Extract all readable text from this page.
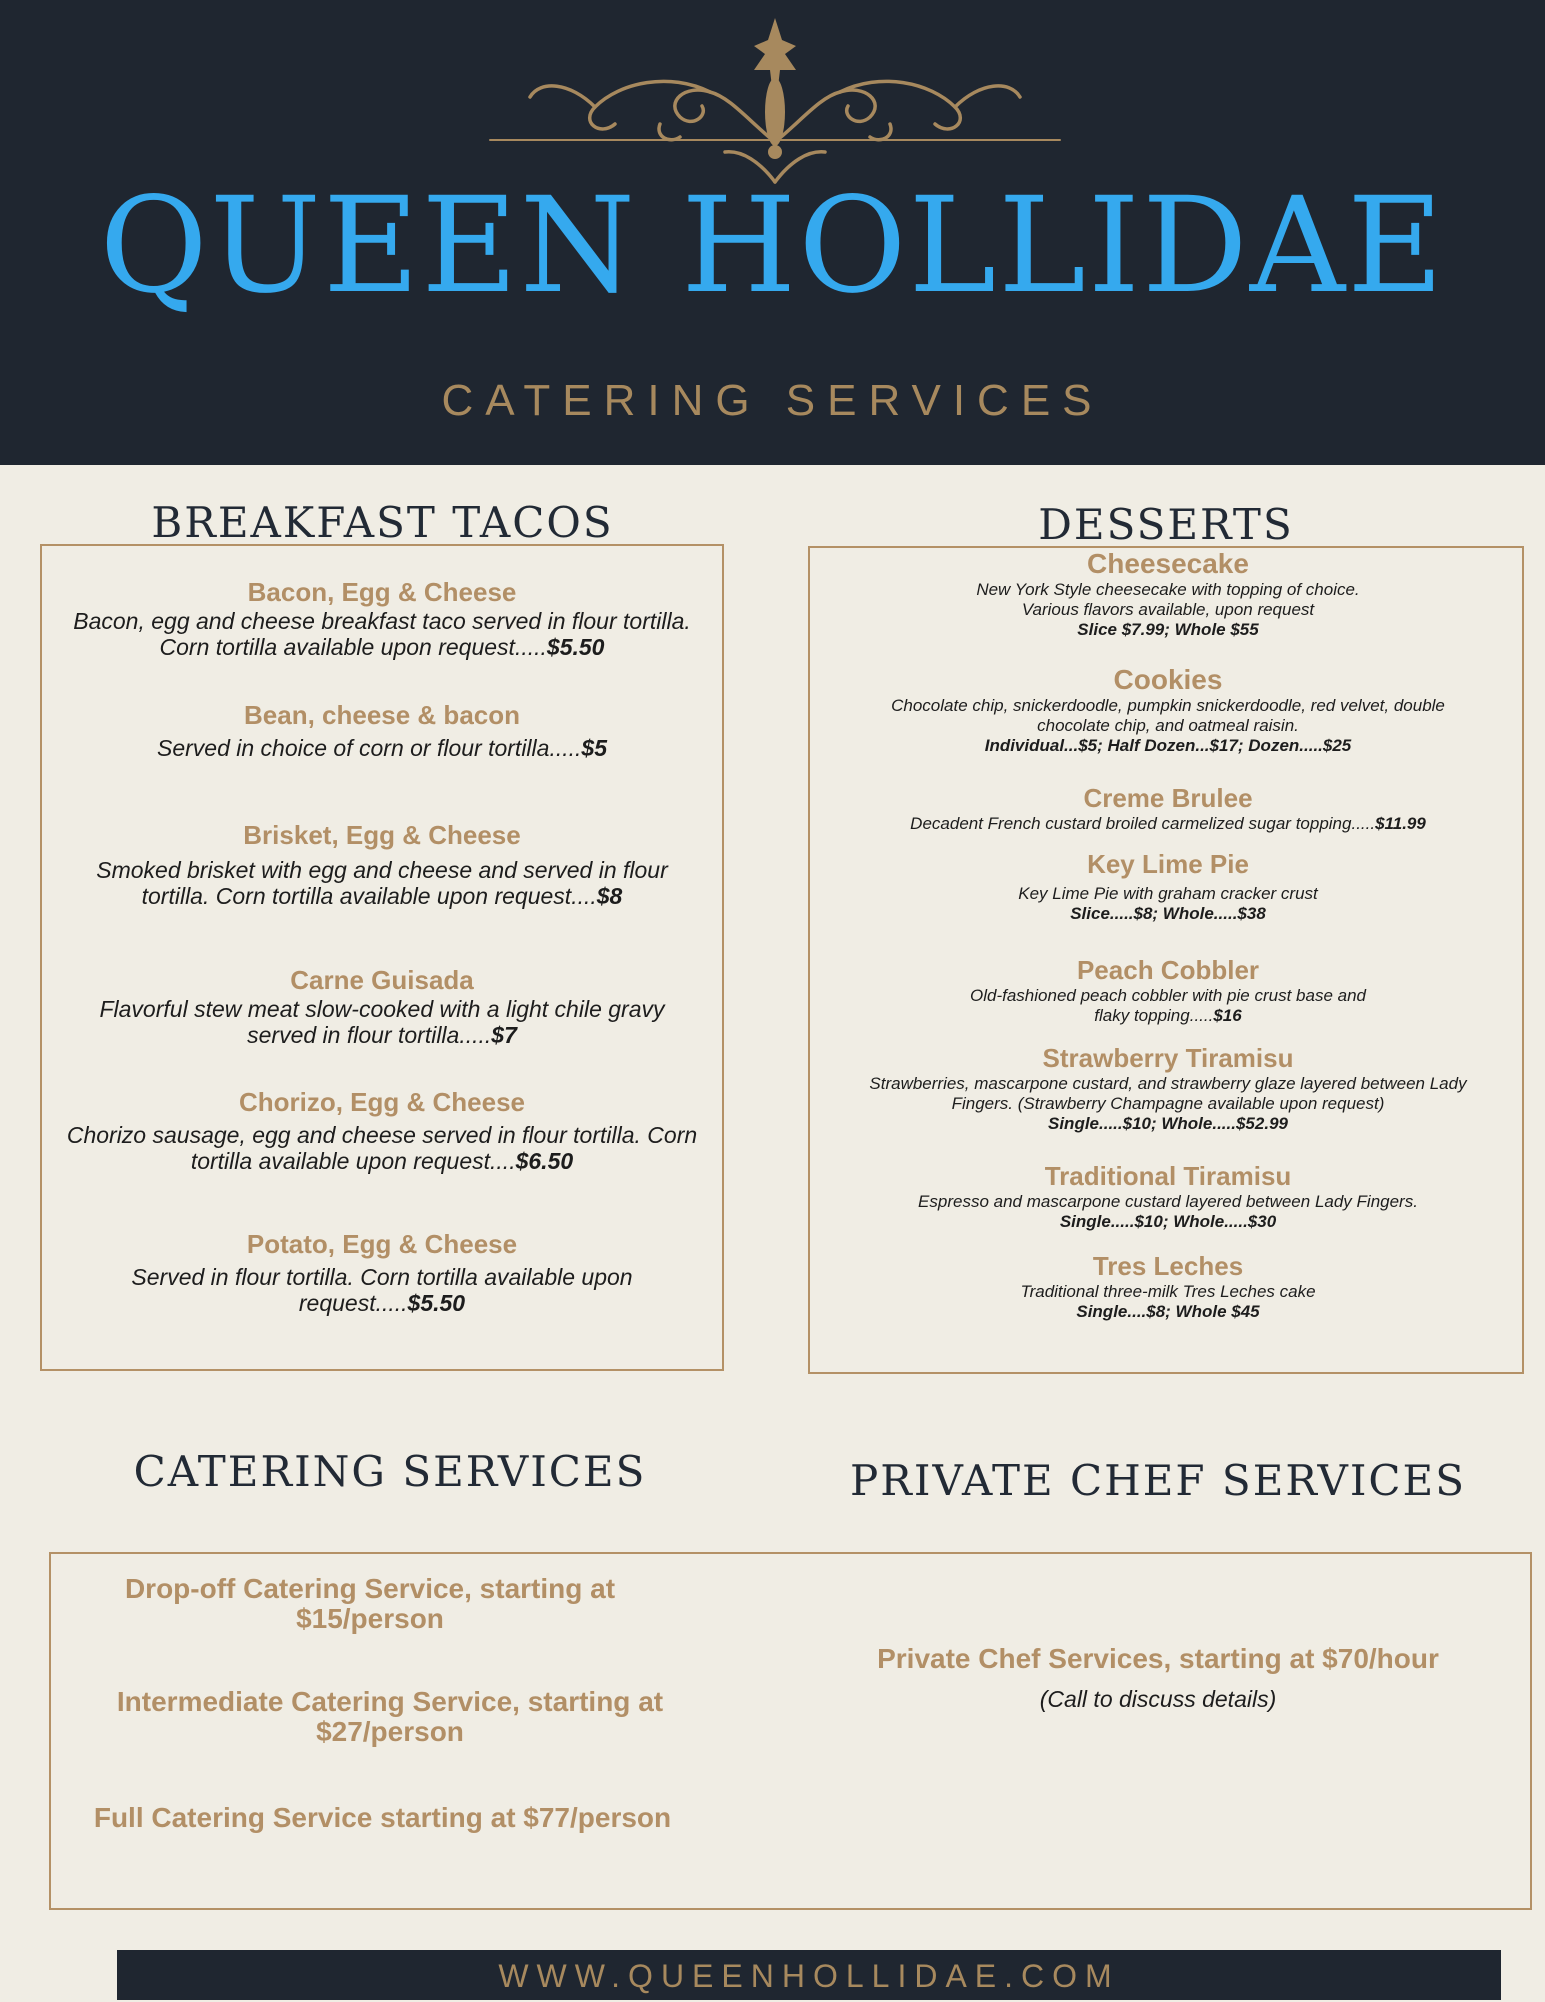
QUEEN HOLLIDAE
CATERING SERVICES
BREAKFAST TACOS
Bacon, Egg & Cheese
Bacon, egg and cheese breakfast taco served in flour tortilla. Corn tortilla available upon request.....$5.50
Bean, cheese & bacon
Served in choice of corn or flour tortilla.....$5
Brisket, Egg & Cheese
Smoked brisket with egg and cheese and served in flour tortilla. Corn tortilla available upon request....$8
Carne Guisada
Flavorful stew meat slow-cooked with a light chile gravy served in flour tortilla.....$7
Chorizo, Egg & Cheese
Chorizo sausage, egg and cheese served in flour tortilla. Corn tortilla available upon request....$6.50
Potato, Egg & Cheese
Served in flour tortilla. Corn tortilla available upon request.....$5.50
DESSERTS
Cheesecake
New York Style cheesecake with topping of choice. Various flavors available, upon request
Slice $7.99; Whole $55
Cookies
Chocolate chip, snickerdoodle, pumpkin snickerdoodle, red velvet, double chocolate chip, and oatmeal raisin.
Individual...$5; Half Dozen...$17; Dozen.....$25
Creme Brulee
Decadent French custard broiled carmelized sugar topping.....$11.99
Key Lime Pie
Key Lime Pie with graham cracker crust
Slice.....$8; Whole.....$38
Peach Cobbler
Old-fashioned peach cobbler with pie crust base and flaky topping.....$16
Strawberry Tiramisu
Strawberries, mascarpone custard, and strawberry glaze layered between Lady Fingers. (Strawberry Champagne available upon request)
Single.....$10; Whole.....$52.99
Traditional Tiramisu
Espresso and mascarpone custard layered between Lady Fingers.
Single.....$10; Whole.....$30
Tres Leches
Traditional three-milk Tres Leches cake
Single....$8; Whole $45
CATERING SERVICES	PRIVATE CHEF SERVICES
Drop-off Catering Service, starting at $15/person
Intermediate Catering Service, starting at $27/person
Full Catering Service starting at $77/person
Private Chef Services, starting at $70/hour
(Call to discuss details)
WWW.QUEENHOLLIDAE.COM
